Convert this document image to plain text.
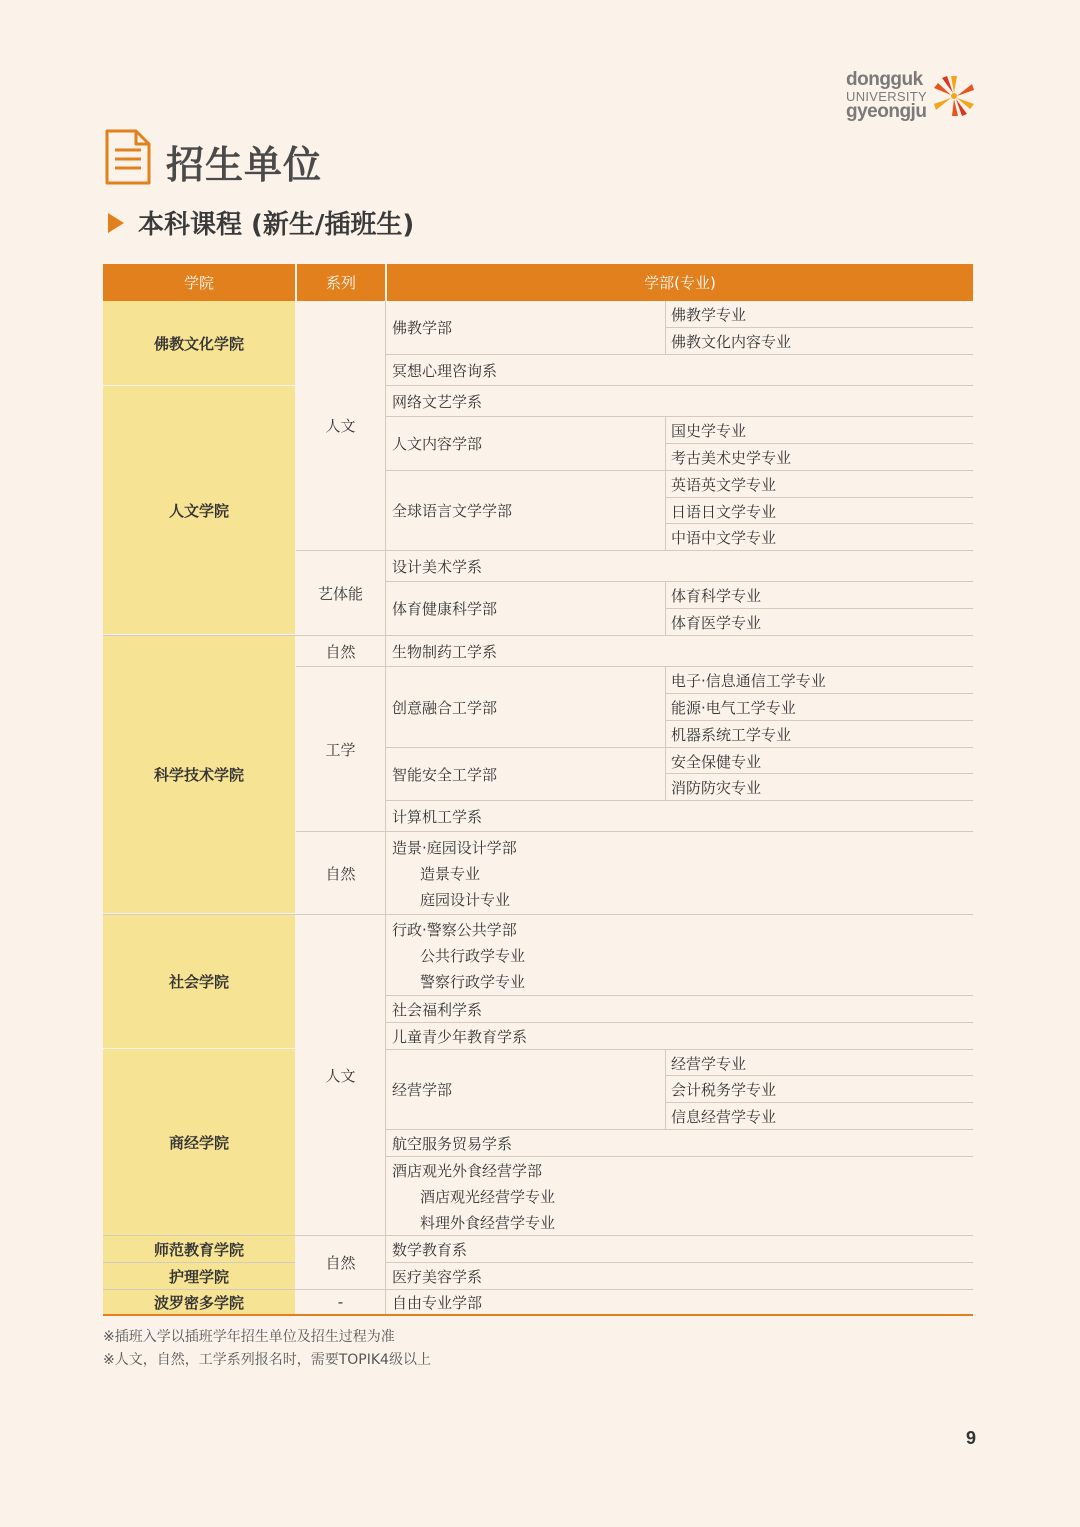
dongguk
UNIVERSITY
gyeongju
招生单位
本科课程 (新生/插班生)
学院	系列	学部(专业)
佛教文化学院
人文学院
科学技术学院
社会学院
商经学院
师范教育学院
护理学院
波罗密多学院
人文
艺体能
自然
工学
自然
人文
自然
-
佛教学部
冥想心理咨询系
网络文艺学系
人文内容学部
全球语言文学学部
设计美术学系
体育健康科学部
生物制药工学系
创意融合工学部
智能安全工学部
计算机工学系
造景·庭园设计学部
造景专业
庭园设计专业
行政·警察公共学部
公共行政学专业
警察行政学专业
社会福利学系
儿童青少年教育学系
经营学部
航空服务贸易学系
酒店观光外食经营学部
酒店观光经营学专业
料理外食经营学专业
数学教育系
医疗美容学系
自由专业学部
佛教学专业
佛教文化内容专业
国史学专业
考古美术史学专业
英语英文学专业
日语日文学专业
中语中文学专业
体育科学专业
体育医学专业
电子·信息通信工学专业
能源·电气工学专业
机器系统工学专业
安全保健专业
消防防灾专业
经营学专业
会计税务学专业
信息经营学专业

※插班入学以插班学年招生单位及招生过程为准

※人文，自然，工学系列报名时，需要TOPIK4级以上

9
